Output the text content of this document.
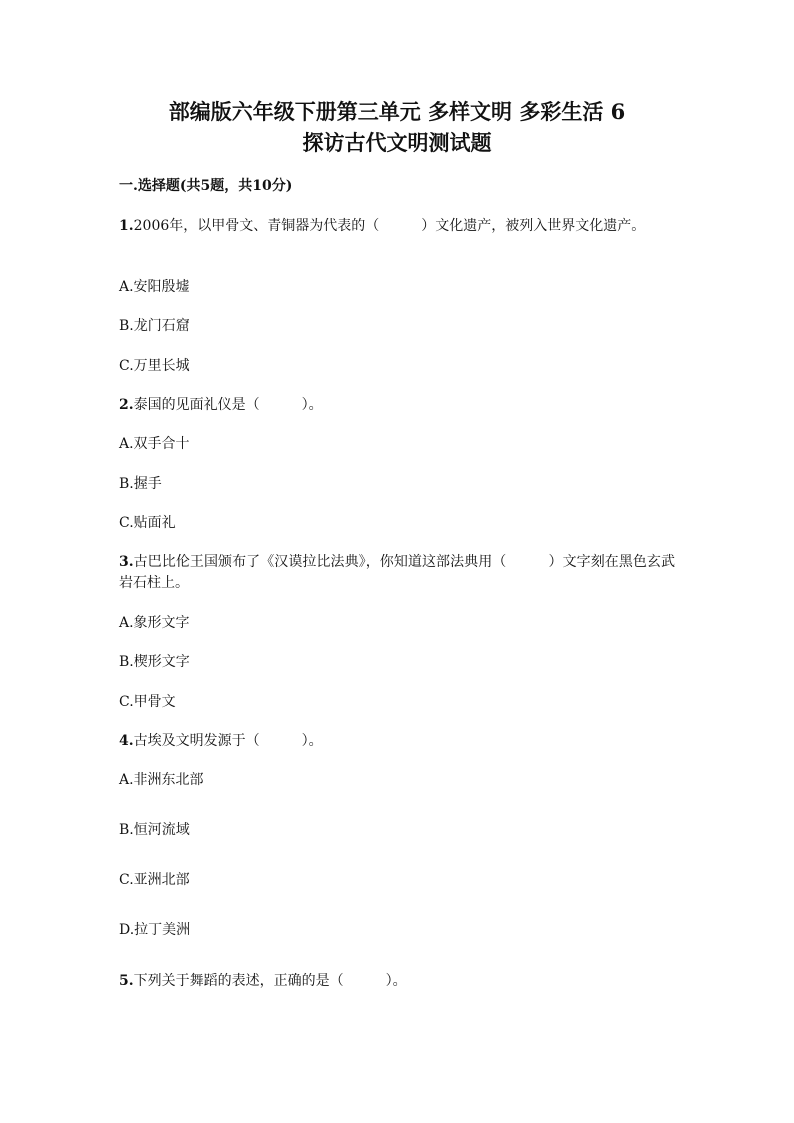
部编版六年级下册第三单元 多样文明 多彩生活 6
探访古代文明测试题

一.选择题(共5题，共10分)

1.2006年，以甲骨文、青铜器为代表的（　　　）文化遗产，被列入世界文化遗产。

A.安阳殷墟

B.龙门石窟

C.万里长城

2.泰国的见面礼仪是（　　　）。

A.双手合十

B.握手

C.贴面礼

3.古巴比伦王国颁布了《汉谟拉比法典》，你知道这部法典用（　　　）文字刻在黑色玄武岩石柱上。

A.象形文字

B.楔形文字

C.甲骨文

4.古埃及文明发源于（　　　）。

A.非洲东北部

B.恒河流域

C.亚洲北部

D.拉丁美洲

5.下列关于舞蹈的表述，正确的是（　　　）。
